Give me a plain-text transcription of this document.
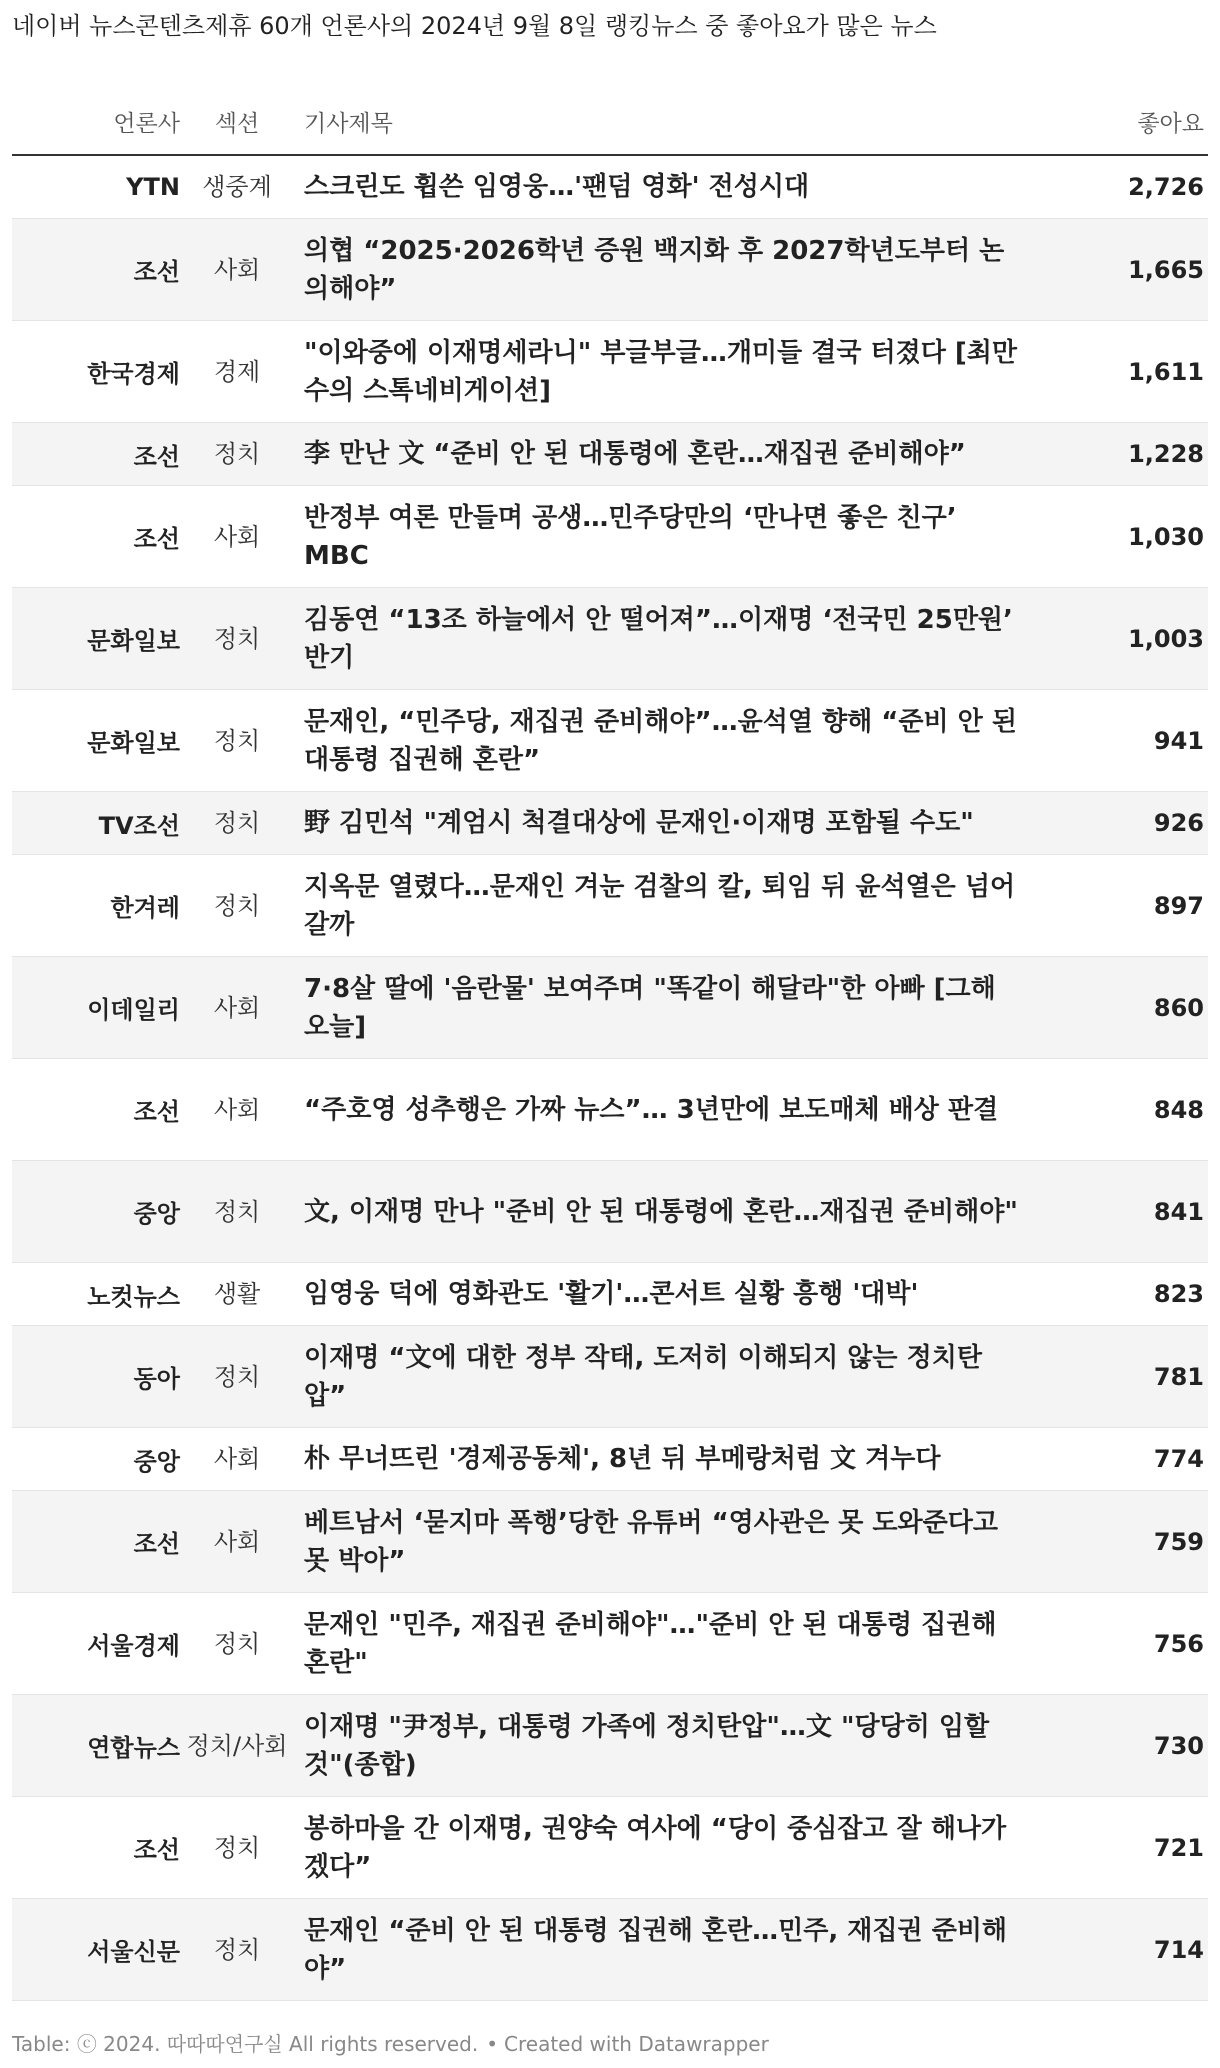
네이버 뉴스콘텐츠제휴 60개 언론사의 2024년 9월 8일 랭킹뉴스 중 좋아요가 많은 뉴스
언론사	섹션	기사제목	좋아요
YTN	생중계	스크린도 휩쓴 임영웅…'팬덤 영화' 전성시대	2,726
조선	사회	의협 “2025·2026학년 증원 백지화 후 2027학년도부터 논의해야”	1,665
한국경제	경제	"이와중에 이재명세라니" 부글부글…개미들 결국 터졌다 [최만수의 스톡네비게이션]	1,611
조선	정치	李 만난 文 “준비 안 된 대통령에 혼란…재집권 준비해야”	1,228
조선	사회	반정부 여론 만들며 공생…민주당만의 ‘만나면 좋은 친구’ MBC	1,030
문화일보	정치	김동연 “13조 하늘에서 안 떨어져”…이재명 ‘전국민 25만원’ 반기	1,003
문화일보	정치	문재인, “민주당, 재집권 준비해야”…윤석열 향해 “준비 안 된 대통령 집권해 혼란”	941
TV조선	정치	野 김민석 "계엄시 척결대상에 문재인·이재명 포함될 수도"	926
한겨레	정치	지옥문 열렸다…문재인 겨눈 검찰의 칼, 퇴임 뒤 윤석열은 넘어갈까	897
이데일리	사회	7·8살 딸에 '음란물' 보여주며 "똑같이 해달라"한 아빠 [그해 오늘]	860
조선	사회	“주호영 성추행은 가짜 뉴스”… 3년만에 보도매체 배상 판결	848
중앙	정치	文, 이재명 만나 "준비 안 된 대통령에 혼란…재집권 준비해야"	841
노컷뉴스	생활	임영웅 덕에 영화관도 '활기'…콘서트 실황 흥행 '대박'	823
동아	정치	이재명 “文에 대한 정부 작태, 도저히 이해되지 않는 정치탄압”	781
중앙	사회	朴 무너뜨린 '경제공동체', 8년 뒤 부메랑처럼 文 겨누다	774
조선	사회	베트남서 ‘묻지마 폭행’당한 유튜버 “영사관은 못 도와준다고 못 박아”	759
서울경제	정치	문재인 "민주, 재집권 준비해야"…"준비 안 된 대통령 집권해 혼란"	756
연합뉴스	정치/사회	이재명 "尹정부, 대통령 가족에 정치탄압"…文 "당당히 임할것"(종합)	730
조선	정치	봉하마을 간 이재명, 권양숙 여사에 “당이 중심잡고 잘 해나가겠다”	721
서울신문	정치	문재인 “준비 안 된 대통령 집권해 혼란…민주, 재집권 준비해야”	714
Table: ⓒ 2024. 따따따연구실 All rights reserved. • Created with Datawrapper
